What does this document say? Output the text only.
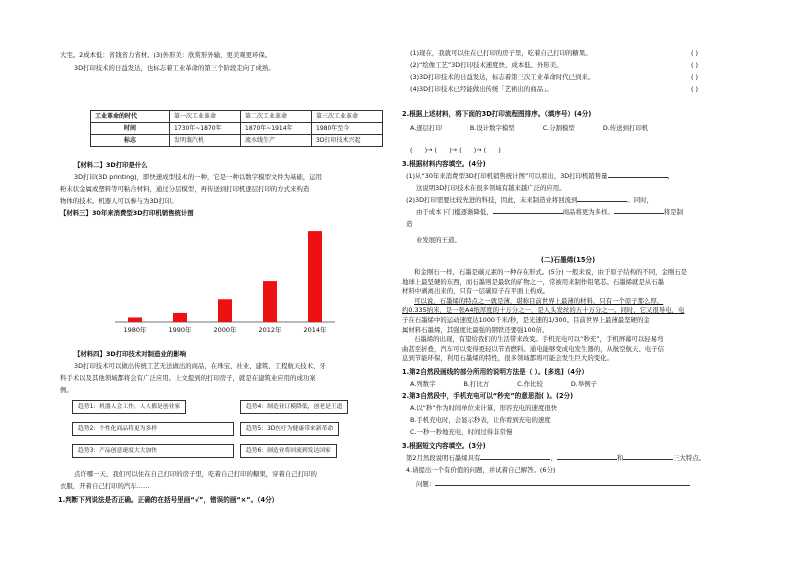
大宅。2成本低：省钱省力省材。(3)外形美：欣赏形外输，更美观更环保。

3D打印技术的日益发达，也标志着工业革命的第三个阶段走向了成熟。

工业革命的时代	第一次工业革命	第二次工业革命	第三次工业革命
时间	1730年~1870年	1870年~1914年	1980年至今
标志	发明蒸汽机	流水线生产	3D打印技术兴起

【材料二】3D打印是什么

3D打印(3D printing)，即快速成型技术的一种，它是一种以数字模型文件为基础，运用

粉末状金属或塑料等可粘合材料，通过分层模型，再传送到打印机逐层打印的方式来构造

物体的技术。机器人可以参与为3D打印。

【材料三】30年来消费型3D打印机销售统计图

【材料四】3D打印技术对制造业的影响

3D打印技术可以做出传统工艺无法做出的商品，在珠宝、社业、建筑、工程航天技术、牙

科手术以及其他领域都将会有广泛应用。上文提到的打印房子，就是在建筑业应用的成功案

例。

趋势1：机器人会工作，人人都是创业家	趋势4：制造业订模降低，创老是王道
趋势2：个性化商品将更为多样	趋势5：3D医疗为健康带来新革命
趋势3：产品创意速度大大加快	趋势6：制造业将回流到发达国家

点许哪一天，我们可以住在自己打印的房子里，吃着自己打印的糖果，穿着自己打印的

衣服，开着自己打印的汽车……

1.判断下列说法是否正确。正确的在括号里画“√”，错误的画“×”。（4分）

1980年	1990年	2000年	2012年	2014年

(1)现在，我就可以住在已打印的房子里，吃着自己打印的糖果。	( )

(2)“绘像工艺”3D打印技术速度快、成本低、外形美。	( )

(3)3D打印技术的日益发达，标志着第三次工业革命时代已到来。	( )

(4)3D打印技术已经能做出传统「艺術出的商品」。	( )

2.根据上述材料，将下面的3D打印流程图排序。（填序号）(4分)

A.逐层打印	B.设计数字模型	C.分割模型	D.传送到打印机

(      )→ (      )→ (      )→ (      )

3.根据材料内容填空。(4分)

(1)从“30年来消费型3D打印机销售统计图”可以看出，3D打印机销售量	，

这说明3D打印技术在很多领域有越来越广泛的应用。

(2)3D打印需要比较先进的科技，因此，未来制造业将回流到	。同时，

由于成本下门槛逐渐降低，	商品将更为多样。	将是制

造

业发展的王道。

(二)石墨烯(15分)

和金刚石一样，石墨是碳元素的一种存在形式。(5分) 一般来说，由于原子结构的不同，金刚石是

地球上最坚硬的东西，而石墨则是最软的矿物之一，常被用来制作铅笔芯。石墨烯就是从石墨

材料中剥离出来的，只有一层碳原子在平面上构成。

可以说，石墨烯的特点之一就是薄，堪称目前世界上最薄的材料，只有一个原子那么厚，

约0.335纳米，是一张A4纸厚度的十万分之一，是人头发丝的五十万分之一。同时，它又很导电，电

子在石墨烯中的运动速度达1000千米/秒，是光速的1/300。目前世界上最薄最坚硬的金

属材料石墨烯，其强度比最强的钢铁还要强100倍。

石墨烯的出现，有望给我们的生活带来改变。手机充电可以“秒充”，手机屏幕可以轻易弯

曲甚至折叠，汽车可以变得更轻以节省燃料。通电能够变成电发生器的，从航空航天、电子信

息到节能环保，利用石墨烯的特性，很多领域都将可能会发生巨大的变化。

1.第2自然段画线的部分所用的说明方法是（ ）。[多选]（4分）

A.列数字	B.打比方	C.作比较	D.举例子

2.第3自然段中，手机充电可以“秒充”的意思指( )。(2分)

A.以“秒”作为时间单位来计算，形容充电的速度很快

B.手机充电时，会显示秒表，让你看到充电的速度

C.一秒一秒地充电，时间过得非常慢

3.根据短文内容填空。(3分)

第2月然段说明石墨烯具有	、	和	三大特点。

4.请提出一个有价值的问题，并试着自己解答。(6分)

问题：
